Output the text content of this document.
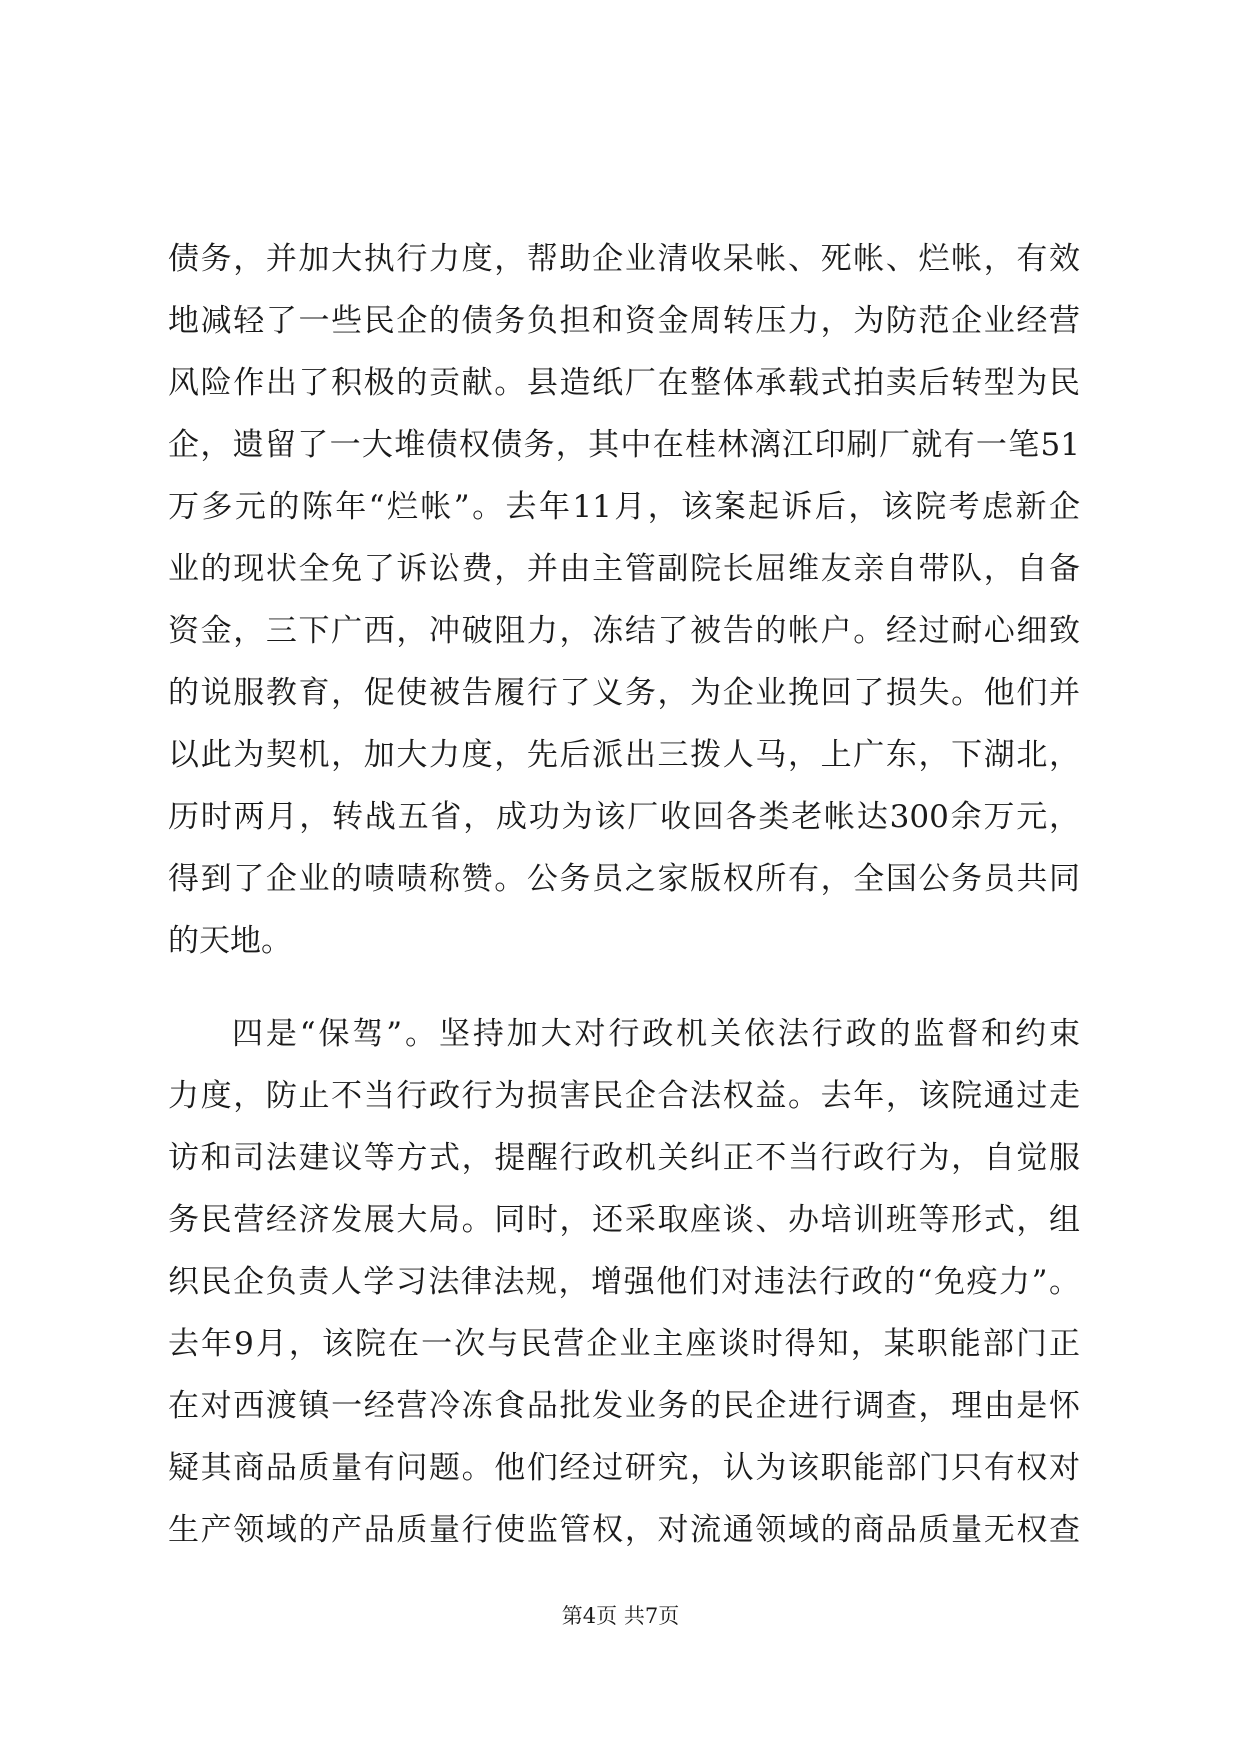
债务，并加大执行力度，帮助企业清收呆帐、死帐、烂帐，有效
地减轻了一些民企的债务负担和资金周转压力，为防范企业经营
风险作出了积极的贡献。县造纸厂在整体承载式拍卖后转型为民
企，遗留了一大堆债权债务，其中在桂林漓江印刷厂就有一笔51
万多元的陈年“烂帐”。去年11月，该案起诉后，该院考虑新企
业的现状全免了诉讼费，并由主管副院长屈维友亲自带队，自备
资金，三下广西，冲破阻力，冻结了被告的帐户。经过耐心细致
的说服教育，促使被告履行了义务，为企业挽回了损失。他们并
以此为契机，加大力度，先后派出三拨人马，上广东，下湖北，
历时两月，转战五省，成功为该厂收回各类老帐达300余万元，
得到了企业的啧啧称赞。公务员之家版权所有，全国公务员共同
的天地。
四是“保驾”。坚持加大对行政机关依法行政的监督和约束
力度，防止不当行政行为损害民企合法权益。去年，该院通过走
访和司法建议等方式，提醒行政机关纠正不当行政行为，自觉服
务民营经济发展大局。同时，还采取座谈、办培训班等形式，组
织民企负责人学习法律法规，增强他们对违法行政的“免疫力”。
去年9月，该院在一次与民营企业主座谈时得知，某职能部门正
在对西渡镇一经营冷冻食品批发业务的民企进行调查，理由是怀
疑其商品质量有问题。他们经过研究，认为该职能部门只有权对
生产领域的产品质量行使监管权，对流通领域的商品质量无权查
第4页 共7页
